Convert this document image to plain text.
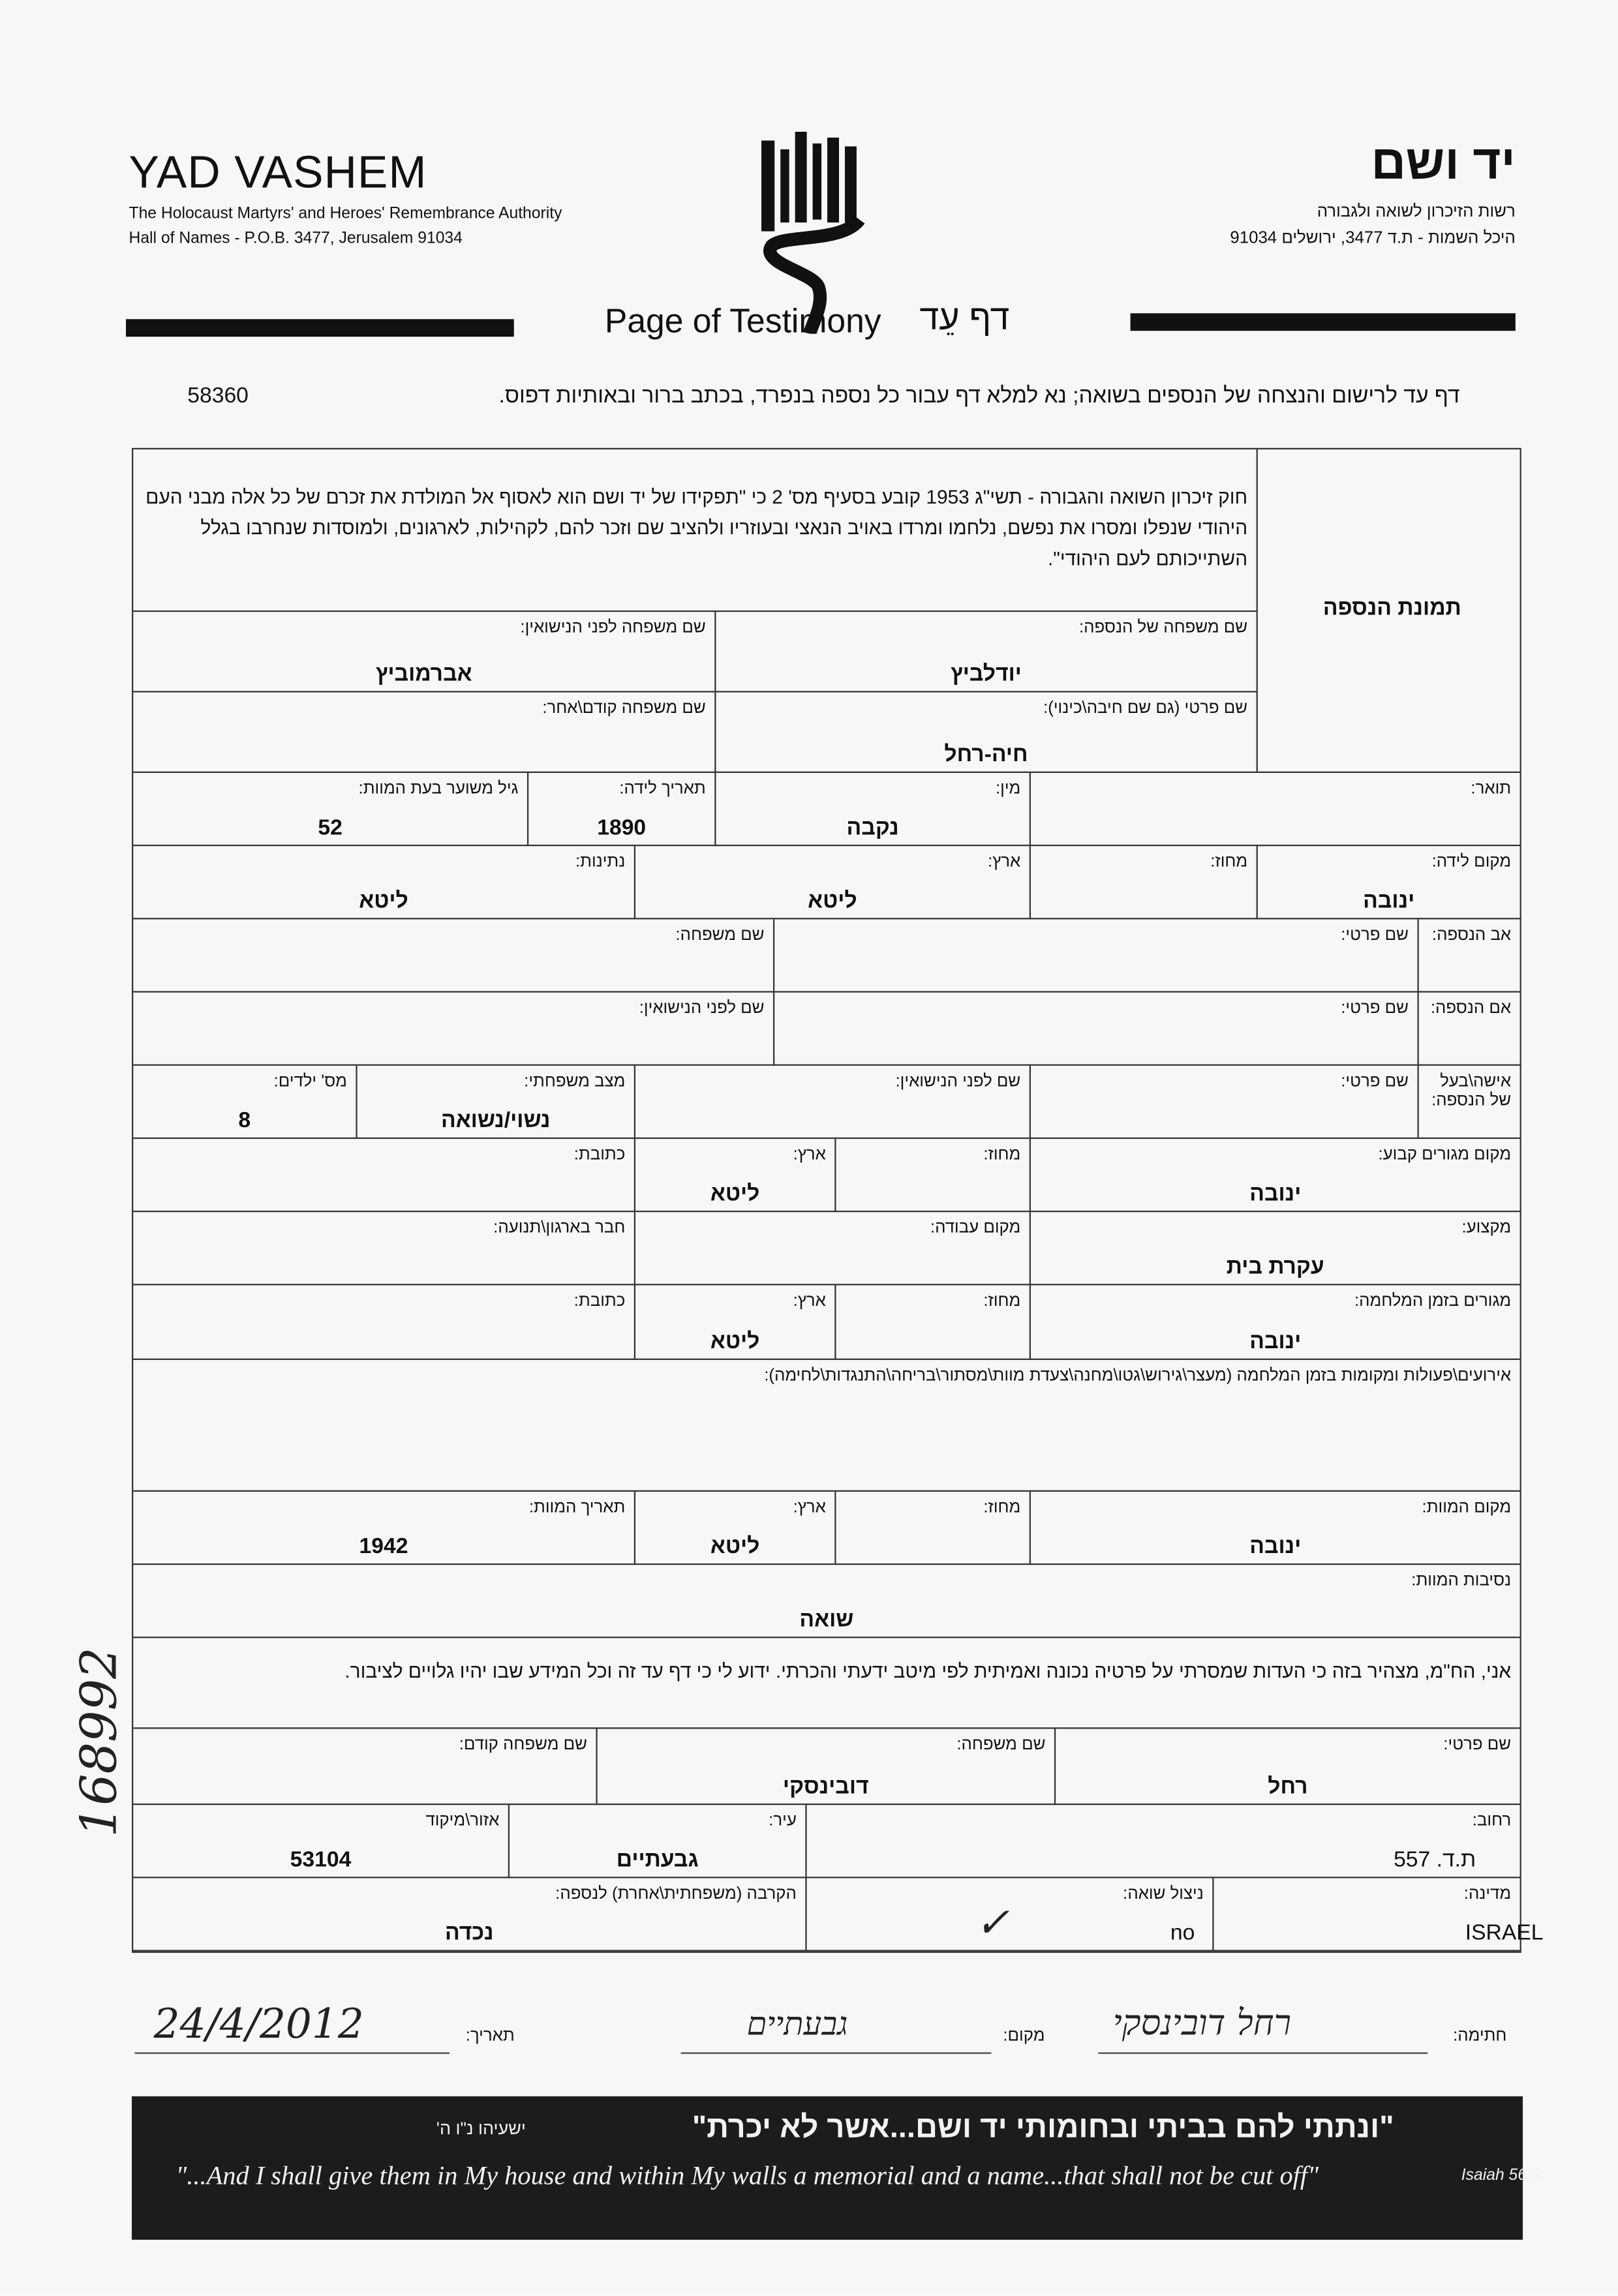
YAD VASHEM
The Holocaust Martyrs' and Heroes' Remembrance Authority
Hall of Names - P.O.B. 3477, Jerusalem 91034
יד ושם
רשות הזיכרון לשואה ולגבורה
היכל השמות - ת.ד 3477, ירושלים 91034
Page of Testimony דף עֵד
דף עד לרישום והנצחה של הנספים בשואה; נא למלא דף עבור כל נספה בנפרד, בכתב ברור ובאותיות דפוס.
58360
חוק זיכרון השואה והגבורה - תשי"ג 1953 קובע בסעיף מס' 2 כי "תפקידו של יד ושם הוא לאסוף אל המולדת את זכרם של כל אלה מבני העם היהודי שנפלו ומסרו את נפשם, נלחמו ומרדו באויב הנאצי ובעוזריו ולהציב שם וזכר להם, לקהילות, לארגונים, ולמוסדות שנחרבו בגלל השתייכותם לעם היהודי".
תמונת הנספה
שם משפחה של הנספה:
יודלביץ
שם משפחה לפני הנישואין:
אברמוביץ
שם פרטי (גם שם חיבה\כינוי):
חיה-רחל
שם משפחה קודם\אחר:
תואר:
מין:
נקבה
תאריך לידה:
1890
גיל משוער בעת המוות:
52
מקום לידה:
ינובה
מחוז:
ארץ:
ליטא
נתינות:
ליטא
אב הנספה:
שם פרטי:
שם משפחה:
אם הנספה:
שם פרטי:
שם לפני הנישואין:
אישה\בעל של הנספה:
שם פרטי:
שם לפני הנישואין:
מצב משפחתי:
נשוי/נשואה
מס' ילדים:
8
מקום מגורים קבוע:
ינובה
מחוז:
ארץ:
ליטא
כתובת:
מקצוע:
עקרת בית
מקום עבודה:
חבר בארגון\תנועה:
מגורים בזמן המלחמה:
ינובה
מחוז:
ארץ:
ליטא
כתובת:
אירועים\פעולות ומקומות בזמן המלחמה (מעצר\גירוש\גטו\מחנה\צעדת מוות\מסתור\בריחה\התנגדות\לחימה):
מקום המוות:
ינובה
מחוז:
ארץ:
ליטא
תאריך המוות:
1942
נסיבות המוות:
שואה
אני, הח"מ, מצהיר בזה כי העדות שמסרתי על פרטיה נכונה ואמיתית לפי מיטב ידעתי והכרתי. ידוע לי כי דף עד זה וכל המידע שבו יהיו גלויים לציבור.
שם פרטי:
רחל
שם משפחה:
דובינסקי
שם משפחה קודם:
רחוב:
ת.ד. 557
עיר:
גבעתיים
אזור\מיקוד
53104
מדינה:
ISRAEL
ניצול שואה:
✓	no
הקרבה (משפחתית\אחרת) לנספה:
נכדה
168992
חתימה:
רחל דובינסקי
מקום:
גבעתיים
תאריך:
24/4/2012
"ונתתי להם בביתי ובחומותי יד ושם...אשר לא יכרת"
ישעיהו נ"ו ה'
"...And I shall give them in My house and within My walls a memorial and a name...that shall not be cut off"	Isaiah 56:5
